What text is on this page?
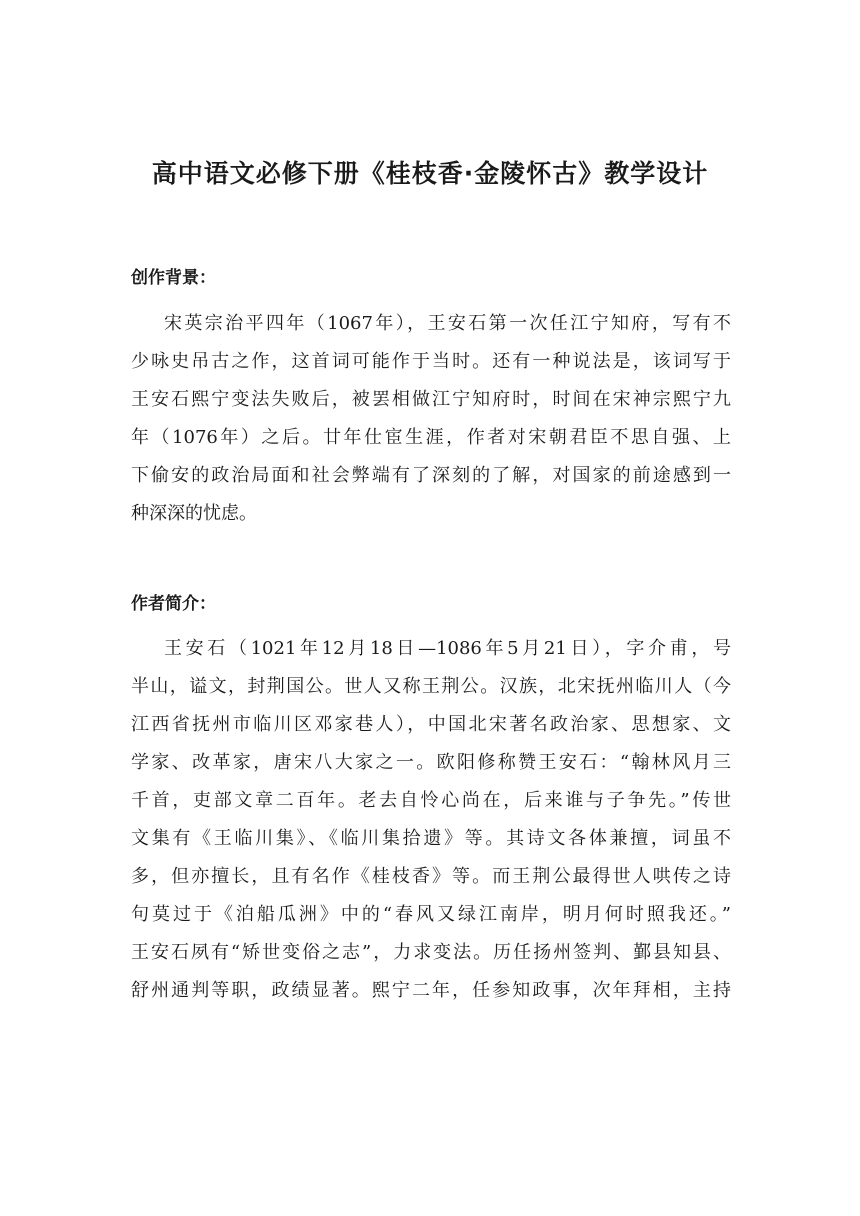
高中语文必修下册《桂枝香·金陵怀古》教学设计
创作背景：
宋英宗治平四年（1067年），王安石第一次任江宁知府，写有不
少咏史吊古之作，这首词可能作于当时。还有一种说法是，该词写于
王安石熙宁变法失败后，被罢相做江宁知府时，时间在宋神宗熙宁九
年（1076年）之后。廿年仕宦生涯，作者对宋朝君臣不思自强、上
下偷安的政治局面和社会弊端有了深刻的了解，对国家的前途感到一
种深深的忧虑。
作者简介：
王安石（1021年12月18日—1086年5月21日），字介甫，号
半山，谥文，封荆国公。世人又称王荆公。汉族，北宋抚州临川人（今
江西省抚州市临川区邓家巷人），中国北宋著名政治家、思想家、文
学家、改革家，唐宋八大家之一。欧阳修称赞王安石：“翰林风月三
千首，吏部文章二百年。老去自怜心尚在，后来谁与子争先。”传世
文集有《王临川集》、《临川集拾遗》等。其诗文各体兼擅，词虽不
多，但亦擅长，且有名作《桂枝香》等。而王荆公最得世人哄传之诗
句莫过于《泊船瓜洲》中的“春风又绿江南岸，明月何时照我还。”
王安石夙有“矫世变俗之志”，力求变法。历任扬州签判、鄞县知县、
舒州通判等职，政绩显著。熙宁二年，任参知政事，次年拜相，主持
